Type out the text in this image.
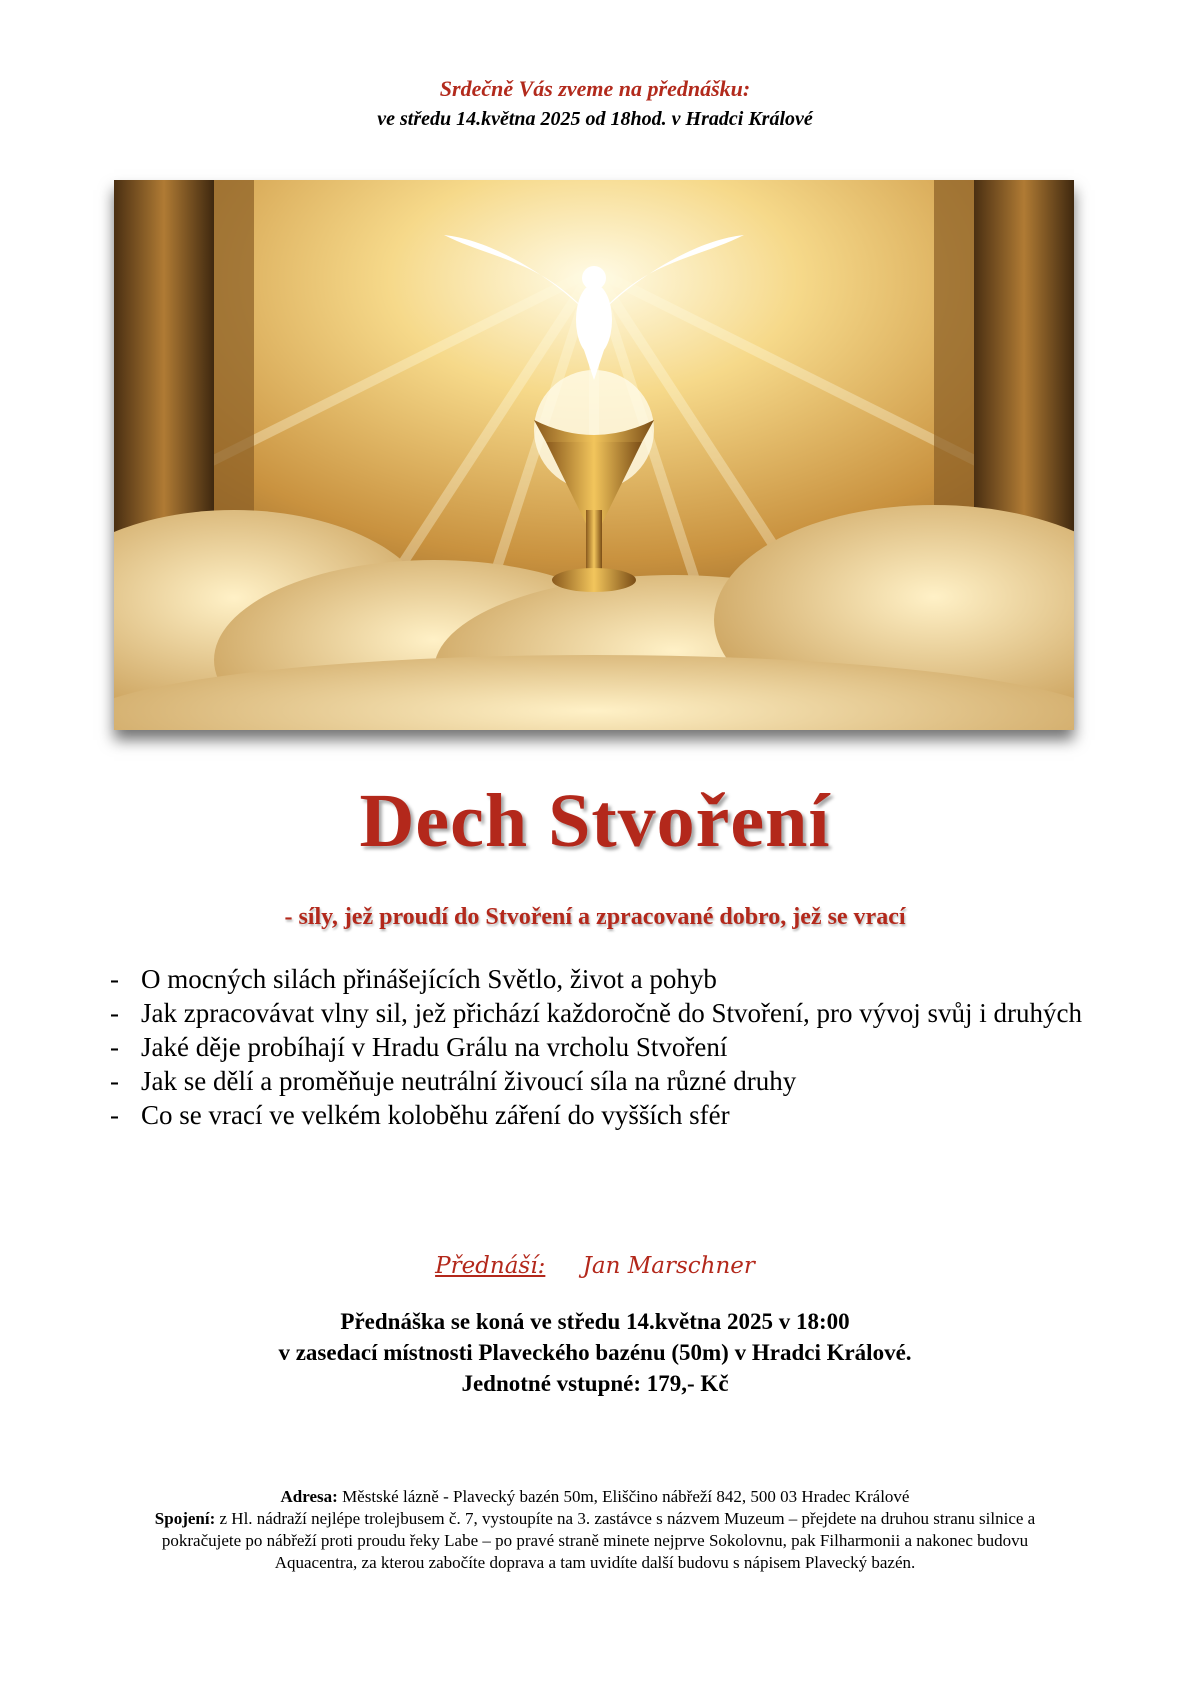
Srdečně Vás zveme na přednášku:
ve středu 14.května 2025 od 18hod. v Hradci Králové
Dech Stvoření
- síly, jež proudí do Stvoření a zpracované dobro, jež se vrací
- O mocných silách přinášejících Světlo, život a pohyb
- Jak zpracovávat vlny sil, jež přichází každoročně do Stvoření, pro vývoj svůj i druhých
- Jaké děje probíhají v Hradu Grálu na vrcholu Stvoření
- Jak se dělí a proměňuje neutrální živoucí síla na různé druhy
- Co se vrací ve velkém koloběhu záření do vyšších sfér
Přednáší: Jan Marschner
Přednáška se koná ve středu 14.května 2025 v 18:00
v zasedací místnosti Plaveckého bazénu (50m) v Hradci Králové.
Jednotné vstupné: 179,- Kč
Adresa: Městské lázně - Plavecký bazén 50m, Eliščino nábřeží 842, 500 03 Hradec Králové
Spojení: z Hl. nádraží nejlépe trolejbusem č. 7, vystoupíte na 3. zastávce s názvem Muzeum – přejdete na druhou stranu silnice a pokračujete po nábřeží proti proudu řeky Labe – po pravé straně minete nejprve Sokolovnu, pak Filharmonii a nakonec budovu Aquacentra, za kterou zabočíte doprava a tam uvidíte další budovu s nápisem Plavecký bazén.
